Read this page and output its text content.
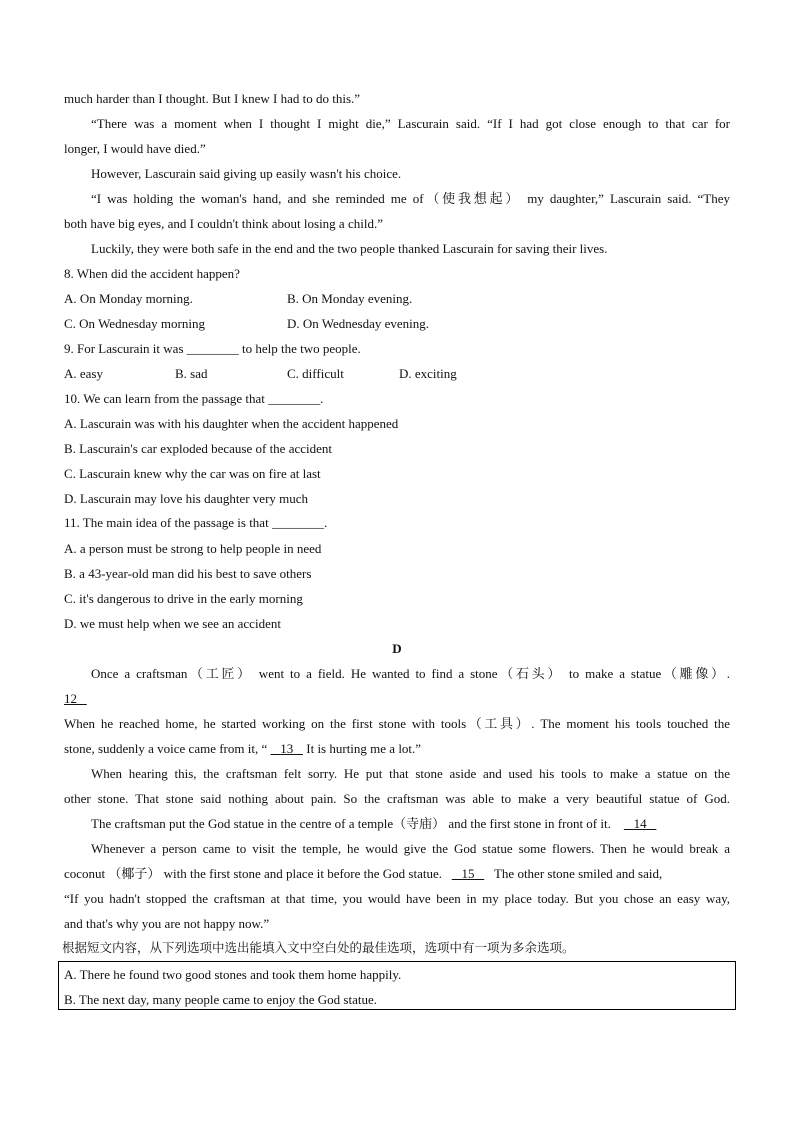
much harder than I thought. But I knew I had to do this.”
“There was a moment when I thought I might die,” Lascurain said. “If I had got close enough to that car for
longer, I would have died.”
However, Lascurain said giving up easily wasn't his choice.
“I was holding the woman's hand, and she reminded me of（使我想起） my daughter,” Lascurain said. “They
both have big eyes, and I couldn't think about losing a child.”
Luckily, they were both safe in the end and the two people thanked Lascurain for saving their lives.
8. When did the accident happen?
A. On Monday morning.	B. On Monday evening.
C. On Wednesday morning	D. On Wednesday evening.
9. For Lascurain it was ________ to help the two people.
A. easy	B. sad	C. difficult	D. exciting
10. We can learn from the passage that ________.
A. Lascurain was with his daughter when the accident happened
B. Lascurain's car exploded because of the accident
C. Lascurain knew why the car was on fire at last
D. Lascurain may love his daughter very much
11. The main idea of the passage is that ________.
A. a person must be strong to help people in need
B. a 43-year-old man did his best to save others
C. it's dangerous to drive in the early morning
D. we must help when we see an accident
D
Once a craftsman（工匠） went to a field. He wanted to find a stone（石头） to make a statue（雕像）.
12
When he reached home, he started working on the first stone with tools（工具）. The moment his tools touched the
stone, suddenly a voice came from it, “ 13 It is hurting me a lot.”
When hearing this, the craftsman felt sorry. He put that stone aside and used his tools to make a statue on the
other stone. That stone said nothing about pain. So the craftsman was able to make a very beautiful statue of God.
The craftsman put the God statue in the centre of a temple（寺庙） and the first stone in front of it. 14
Whenever a person came to visit the temple, he would give the God statue some flowers. Then he would break a
coconut （椰子） with the first stone and place it before the God statue. 15 The other stone smiled and said,
“If you hadn't stopped the craftsman at that time, you would have been in my place today. But you chose an easy way,
and that's why you are not happy now.”
根据短文内容，从下列选项中选出能填入文中空白处的最佳选项，选项中有一项为多余选项。
A. There he found two good stones and took them home happily.
B. The next day, many people came to enjoy the God statue.
